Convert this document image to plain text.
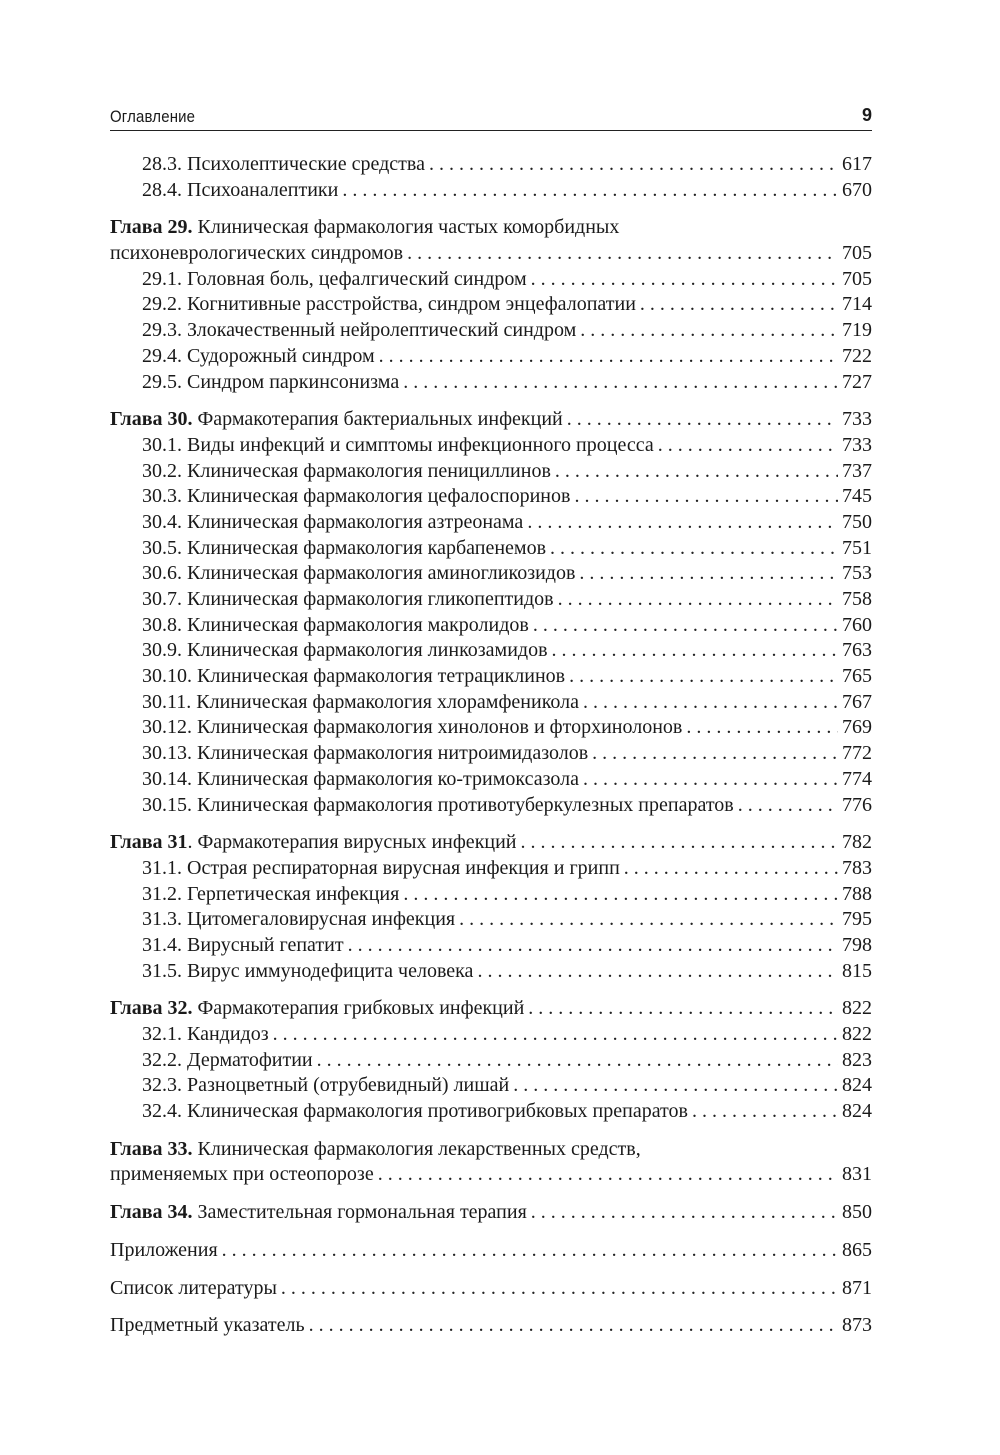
Оглавление	9
28.3. Психолептические средства . . .	617
28.4. Психоаналептики . . .	670
Глава 29. Клиническая фармакология частых коморбидных
психоневрологических синдромов . . .	705
29.1. Головная боль, цефалгический синдром . . .	705
29.2. Когнитивные расстройства, синдром энцефалопатии . . .	714
29.3. Злокачественный нейролептический синдром . . .	719
29.4. Судорожный синдром . . .	722
29.5. Синдром паркинсонизма . . .	727
Глава 30. Фармакотерапия бактериальных инфекций . . .	733
30.1. Виды инфекций и симптомы инфекционного процесса . . .	733
30.2. Клиническая фармакология пенициллинов . . .	737
30.3. Клиническая фармакология цефалоспоринов . . .	745
30.4. Клиническая фармакология азтреонама . . .	750
30.5. Клиническая фармакология карбапенемов . . .	751
30.6. Клиническая фармакология аминогликозидов . . .	753
30.7. Клиническая фармакология гликопептидов . . .	758
30.8. Клиническая фармакология макролидов . . .	760
30.9. Клиническая фармакология линкозамидов . . .	763
30.10. Клиническая фармакология тетрациклинов . . .	765
30.11. Клиническая фармакология хлорамфеникола . . .	767
30.12. Клиническая фармакология хинолонов и фторхинолонов . . .	769
30.13. Клиническая фармакология нитроимидазолов . . .	772
30.14. Клиническая фармакология ко-тримоксазола . . .	774
30.15. Клиническая фармакология противотуберкулезных препаратов . . .	776
Глава 31. Фармакотерапия вирусных инфекций . . .	782
31.1. Острая респираторная вирусная инфекция и грипп . . .	783
31.2. Герпетическая инфекция . . .	788
31.3. Цитомегаловирусная инфекция . . .	795
31.4. Вирусный гепатит . . .	798
31.5. Вирус иммунодефицита человека . . .	815
Глава 32. Фармакотерапия грибковых инфекций . . .	822
32.1. Кандидоз . . .	822
32.2. Дерматофитии . . .	823
32.3. Разноцветный (отрубевидный) лишай . . .	824
32.4. Клиническая фармакология противогрибковых препаратов . . .	824
Глава 33. Клиническая фармакология лекарственных средств,
применяемых при остеопорозе . . .	831
Глава 34. Заместительная гормональная терапия . . .	850
Приложения . . .	865
Список литературы . . .	871
Предметный указатель . . .	873
